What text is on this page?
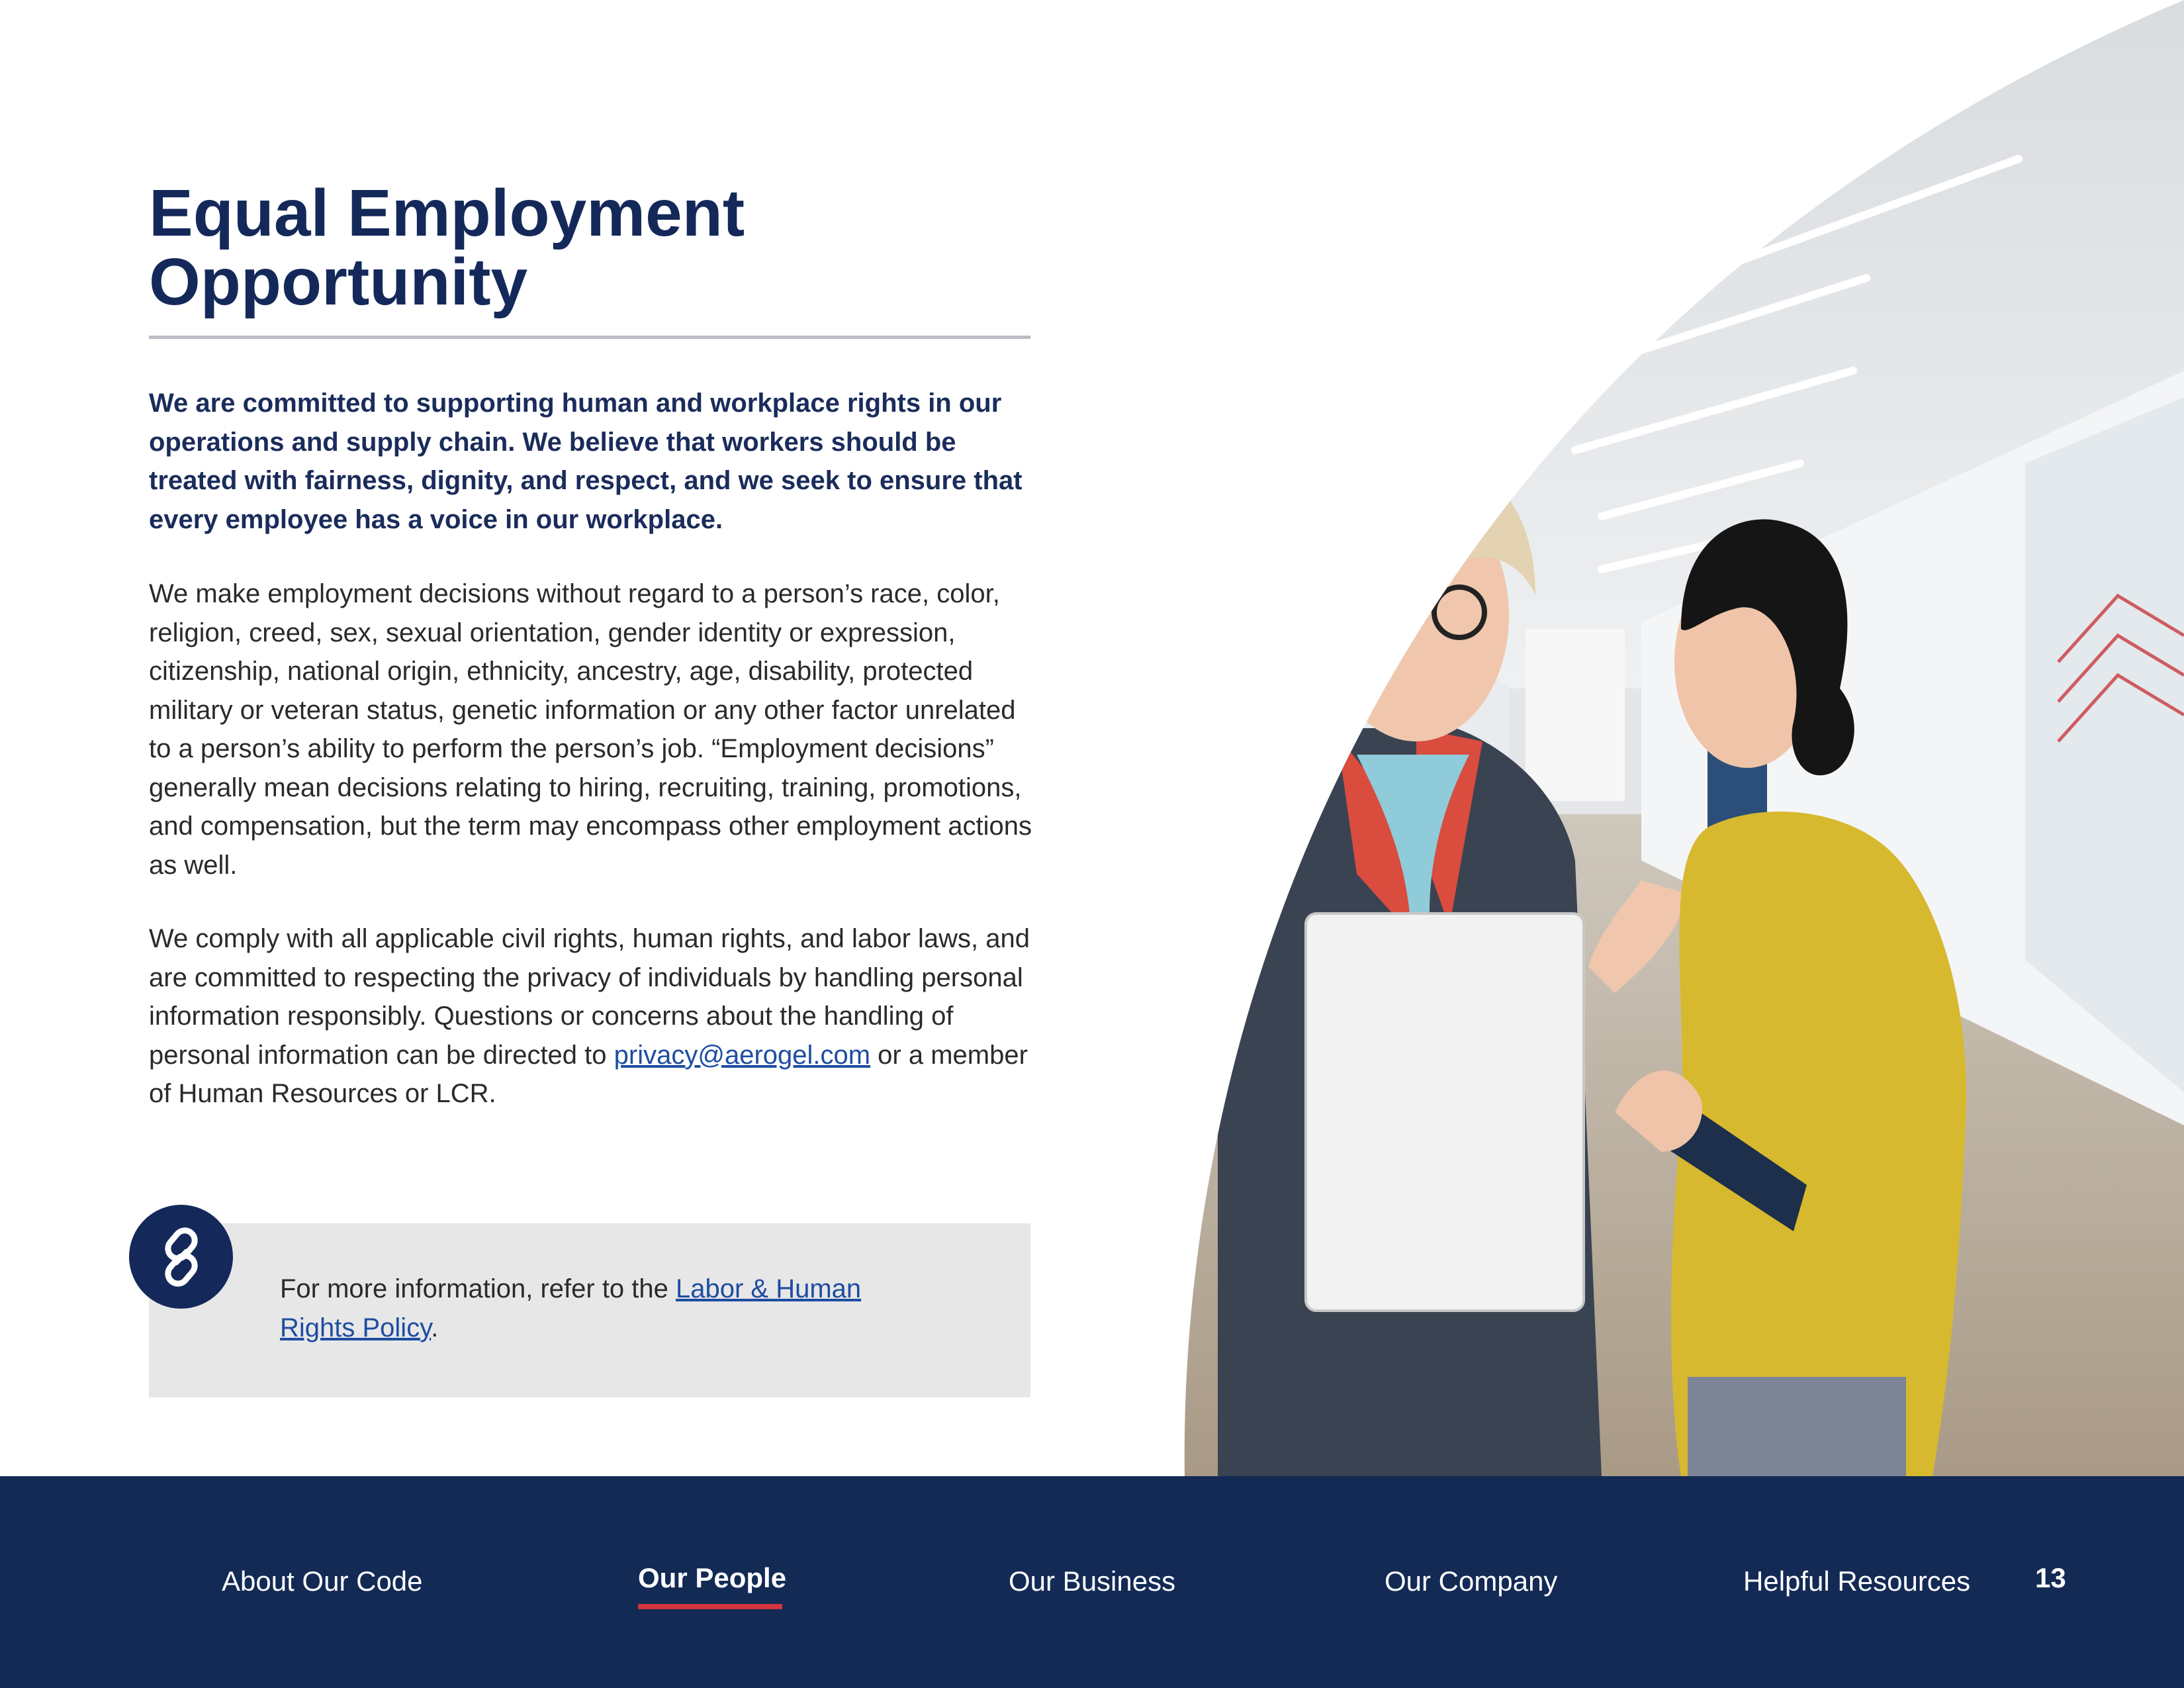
Equal Employment
Opportunity

We are committed to supporting human and workplace rights in our operations and supply chain. We believe that workers should be treated with fairness, dignity, and respect, and we seek to ensure that every employee has a voice in our workplace.

We make employment decisions without regard to a person’s race, color, religion, creed, sex, sexual orientation, gender identity or expression, citizenship, national origin, ethnicity, ancestry, age, disability, protected military or veteran status, genetic information or any other factor unrelated to a person’s ability to perform the person’s job. “Employment decisions” generally mean decisions relating to hiring, recruiting, training, promotions, and compensation, but the term may encompass other employment actions as well.

We comply with all applicable civil rights, human rights, and labor laws, and are committed to respecting the privacy of individuals by handling personal information responsibly. Questions or concerns about the handling of personal information can be directed to privacy@aerogel.com or a member of Human Resources or LCR.

For more information, refer to the Labor & Human Rights Policy.

About Our Code	Our People	Our Business	Our Company	Helpful Resources 13
